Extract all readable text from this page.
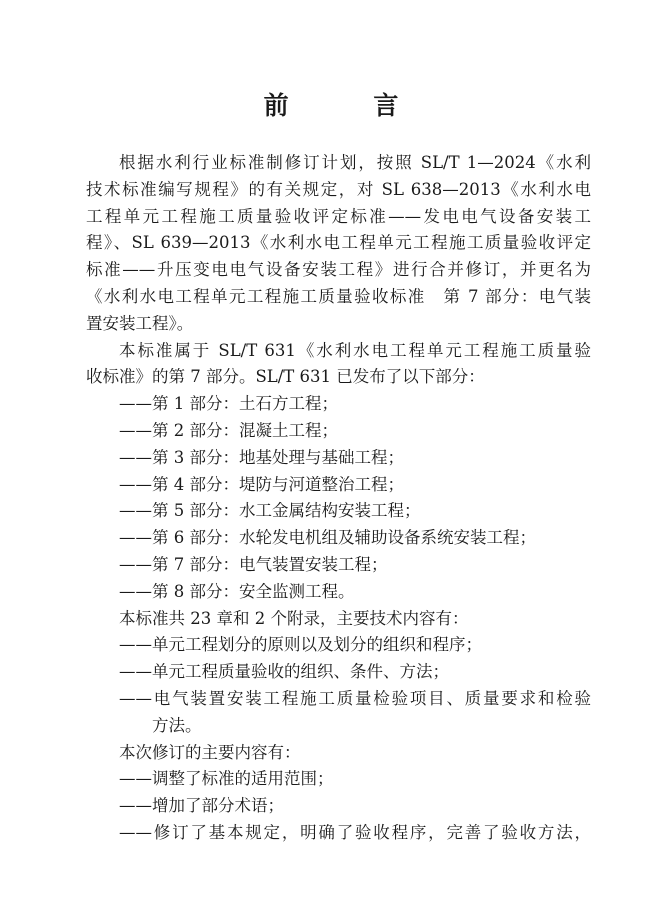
前 言
根据水利行业标准制修订计划，按照 SL/T 1—2024《水利
技术标准编写规程》的有关规定，对 SL 638—2013《水利水电
工程单元工程施工质量验收评定标准——发电电气设备安装工
程》、SL 639—2013《水利水电工程单元工程施工质量验收评定
标准——升压变电电气设备安装工程》进行合并修订，并更名为
《水利水电工程单元工程施工质量验收标准　第 7 部分：电气装
置安装工程》。
本标准属于 SL/T 631《水利水电工程单元工程施工质量验
收标准》的第 7 部分。SL/T 631 已发布了以下部分：
——第 1 部分：土石方工程；
——第 2 部分：混凝土工程；
——第 3 部分：地基处理与基础工程；
——第 4 部分：堤防与河道整治工程；
——第 5 部分：水工金属结构安装工程；
——第 6 部分：水轮发电机组及辅助设备系统安装工程；
——第 7 部分：电气装置安装工程；
——第 8 部分：安全监测工程。
本标准共 23 章和 2 个附录，主要技术内容有：
——单元工程划分的原则以及划分的组织和程序；
——单元工程质量验收的组织、条件、方法；
——电气装置安装工程施工质量检验项目、质量要求和检验
方法。
本次修订的主要内容有：
——调整了标准的适用范围；
——增加了部分术语；
——修订了基本规定，明确了验收程序，完善了验收方法，
